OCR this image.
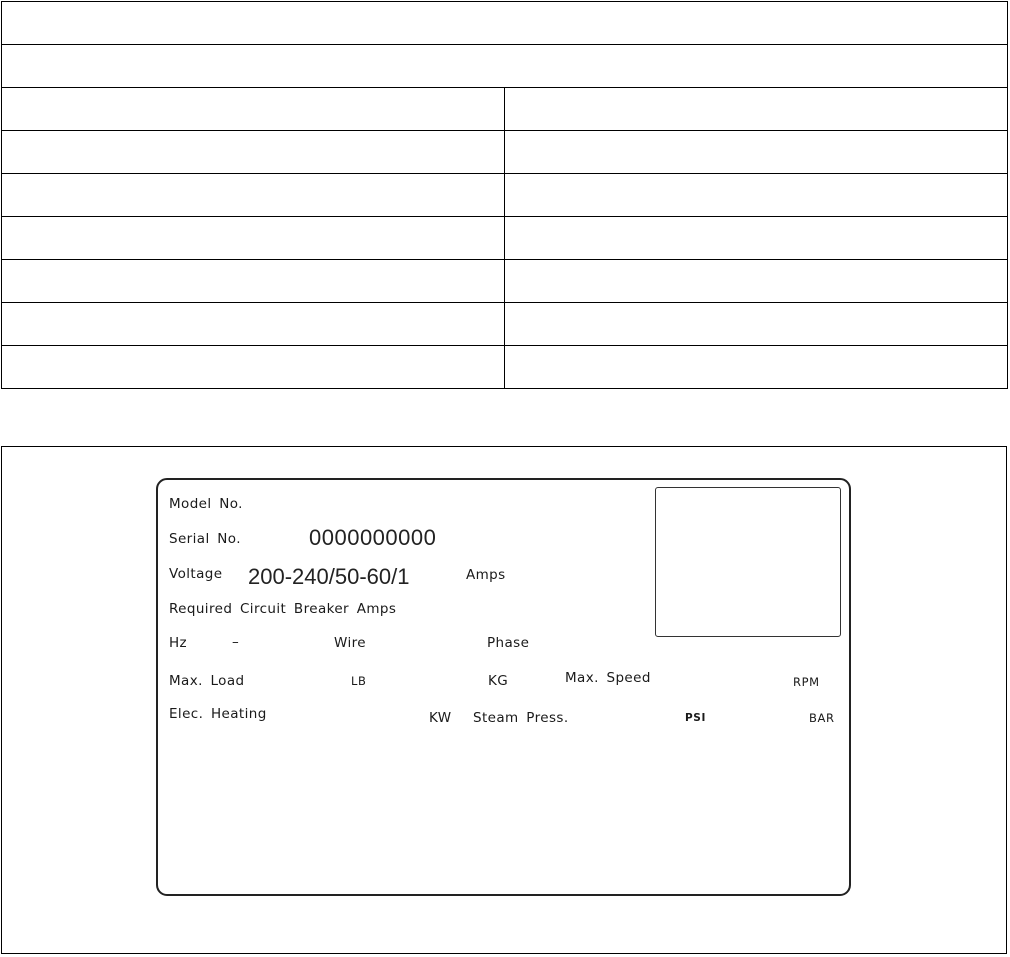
Model No.
Serial No.	0000000000
Voltage 200-240/50-60/1	Amps
Required Circuit Breaker Amps
Hz	–	Wire	Phase
Max. Load	LB	KG	Max. Speed	RPM
Elec. Heating	KW Steam Press.	PSI	BAR
